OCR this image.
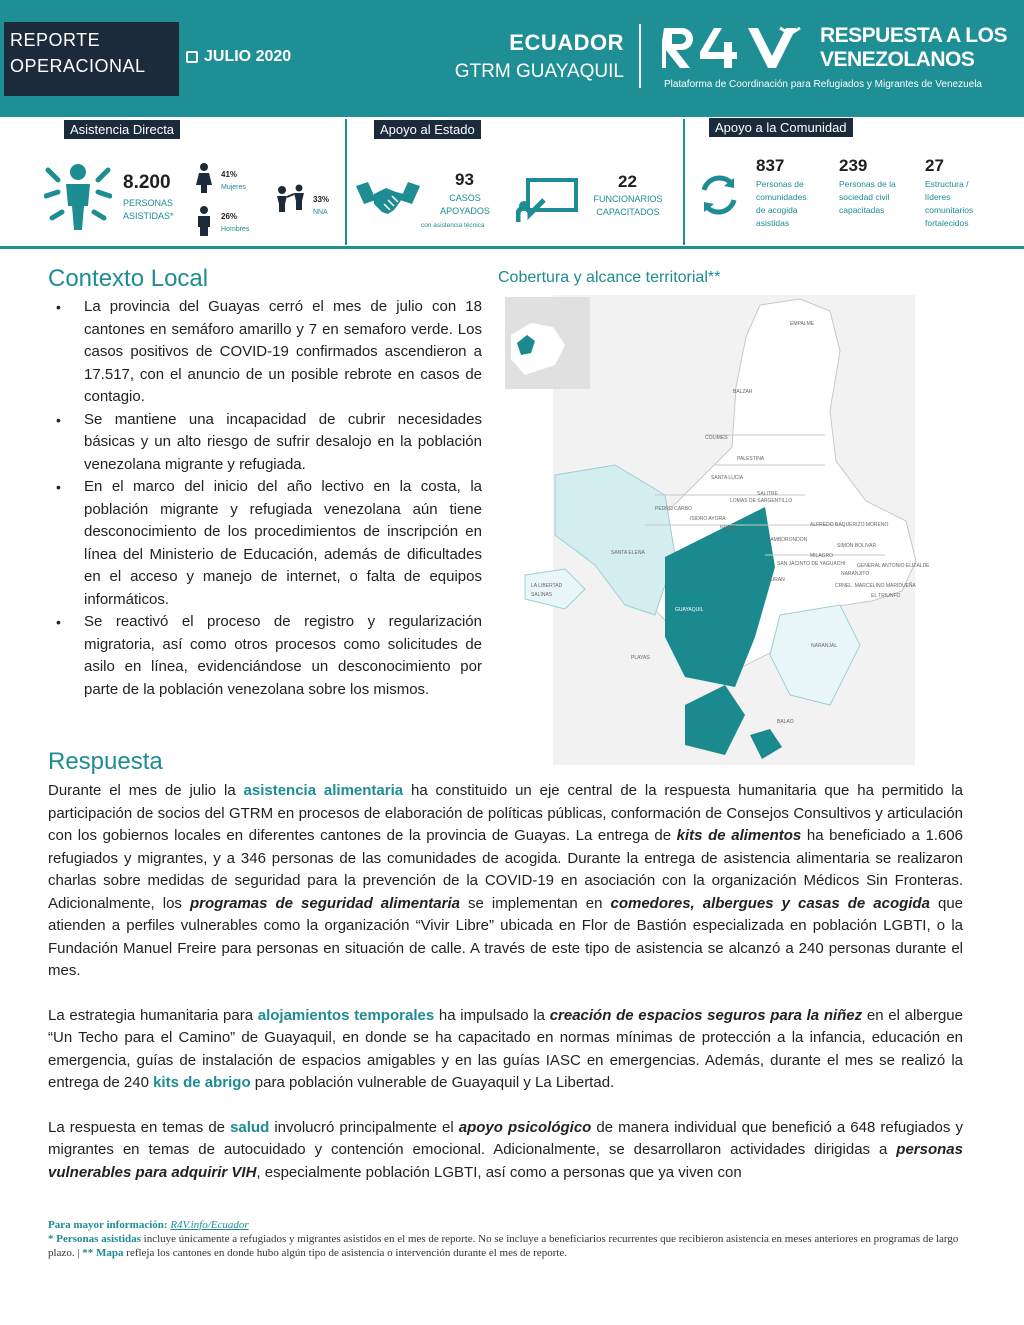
REPORTE
OPERACIONAL	JULIO 2020
ECUADOR
GTRM GUAYAQUIL
RESPUESTA A LOS
VENEZOLANOS
Plataforma de Coordinación para Refugiados y Migrantes de Venezuela
Asistencia Directa
8.200
PERSONAS
ASISTIDAS*
41%
Mujeres
26%
Hombres
33%
NNA
Apoyo al Estado
93
CASOS
APOYADOS
con asistencia técnica
22
FUNCIONARIOS
CAPACITADOS
Apoyo a la Comunidad
837
Personas de
comunidades
de acogida
asistidas
239
Personas de la
sociedad civil
capacitadas
27
Estructura /
líderes
comunitarios
fortalecidos
Contexto Local
• La provincia del Guayas cerró el mes de julio con 18 cantones en semáforo amarillo y 7 en semaforo verde. Los casos positivos de COVID-19 confirmados ascendieron a 17.517, con el anuncio de un posible rebrote en casos de contagio.
• Se mantiene una incapacidad de cubrir necesidades básicas y un alto riesgo de sufrir desalojo en la población venezolana migrante y refugiada.
• En el marco del inicio del año lectivo en la costa, la población migrante y refugiada venezolana aún tiene desconocimiento de los procedimientos de inscripción en línea del Ministerio de Educación, además de dificultades en el acceso y manejo de internet, o falta de equipos informáticos.
• Se reactivó el proceso de registro y regularización migratoria, así como otros procesos como solicitudes de asilo en línea, evidenciándose un desconocimiento por parte de la población venezolana sobre los mismos.
Cobertura y alcance territorial**
EMPALME
BALZAR
COLIMES
PALESTINA
SANTA LUCIA
SALITRE
LOMAS DE SARGENTILLO
PEDRO CARBO
ISIDRO AYORA
NOBOL	ALFREDO BAQUERIZO MORENO
SAMBORONDON
SIMON BOLIVAR
SANTA ELENA	MILAGRO
SAN JACINTO DE YAGUACHI GENERAL ANTONIO ELIZALDE
NARANJITO
DURAN
CRNEL. MARCELINO MARIDUEÑA
EL TRIUNFO
LA LIBERTAD
SALINAS
GUAYAQUIL
NARANJAL
PLAYAS
BALAO
Respuesta

Durante el mes de julio la asistencia alimentaria ha constituido un eje central de la respuesta humanitaria que ha permitido la participación de socios del GTRM en procesos de elaboración de políticas públicas, conformación de Consejos Consultivos y articulación con los gobiernos locales en diferentes cantones de la provincia de Guayas. La entrega de kits de alimentos ha beneficiado a 1.606 refugiados y migrantes, y a 346 personas de las comunidades de acogida. Durante la entrega de asistencia alimentaria se realizaron charlas sobre medidas de seguridad para la prevención de la COVID-19 en asociación con la organización Médicos Sin Fronteras. Adicionalmente, los programas de seguridad alimentaria se implementan en comedores, albergues y casas de acogida que atienden a perfiles vulnerables como la organización “Vivir Libre” ubicada en Flor de Bastión especializada en población LGBTI, o la Fundación Manuel Freire para personas en situación de calle. A través de este tipo de asistencia se alcanzó a 240 personas durante el mes.

La estrategia humanitaria para alojamientos temporales ha impulsado la creación de espacios seguros para la niñez en el albergue “Un Techo para el Camino” de Guayaquil, en donde se ha capacitado en normas mínimas de protección a la infancia, educación en emergencia, guías de instalación de espacios amigables y en las guías IASC en emergencias. Además, durante el mes se realizó la entrega de 240 kits de abrigo para población vulnerable de Guayaquil y La Libertad.

La respuesta en temas de salud involucró principalmente el apoyo psicológico de manera individual que benefició a 648 refugiados y migrantes en temas de autocuidado y contención emocional. Adicionalmente, se desarrollaron actividades dirigidas a personas vulnerables para adquirir VIH, especialmente población LGBTI, así como a personas que ya viven con

Para mayor información: R4V.info/Ecuador
* Personas asistidas incluye únicamente a refugiados y migrantes asistidos en el mes de reporte. No se incluye a beneficiarios recurrentes que recibieron asistencia en meses anteriores en programas de largo plazo. | ** Mapa refleja los cantones en donde hubo algún tipo de asistencia o intervención durante el mes de reporte.
